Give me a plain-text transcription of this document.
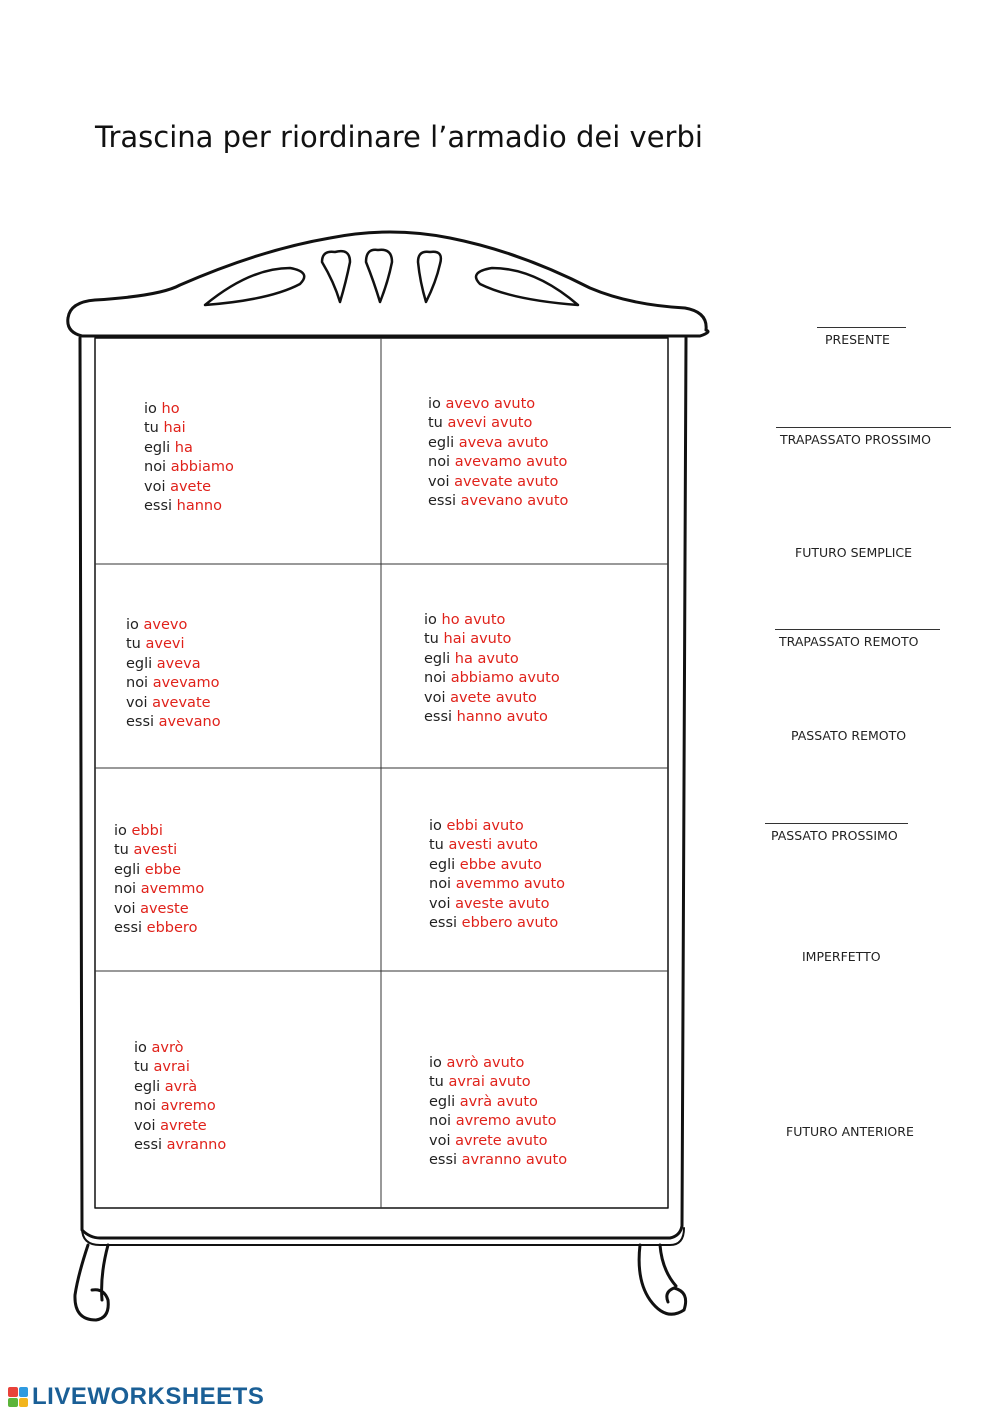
Trascina per riordinare l’armadio dei verbi
io ho
tu hai
egli ha
noi abbiamo
voi avete
essi hanno
io avevo avuto
tu avevi avuto
egli aveva avuto
noi avevamo avuto
voi avevate avuto
essi avevano avuto
io avevo
tu avevi
egli aveva
noi avevamo
voi avevate
essi avevano
io ho avuto
tu hai avuto
egli ha avuto
noi abbiamo avuto
voi avete avuto
essi hanno avuto
io ebbi
tu avesti
egli ebbe
noi avemmo
voi aveste
essi ebbero
io ebbi avuto
tu avesti avuto
egli ebbe avuto
noi avemmo avuto
voi aveste avuto
essi ebbero avuto
io avrò
tu avrai
egli avrà
noi avremo
voi avrete
essi avranno
io avrò avuto
tu avrai avuto
egli avrà avuto
noi avremo avuto
voi avrete avuto
essi avranno avuto
PRESENTE
TRAPASSATO PROSSIMO
FUTURO SEMPLICE
TRAPASSATO REMOTO
PASSATO REMOTO
PASSATO PROSSIMO
IMPERFETTO
FUTURO ANTERIORE
LIVEWORKSHEETS
